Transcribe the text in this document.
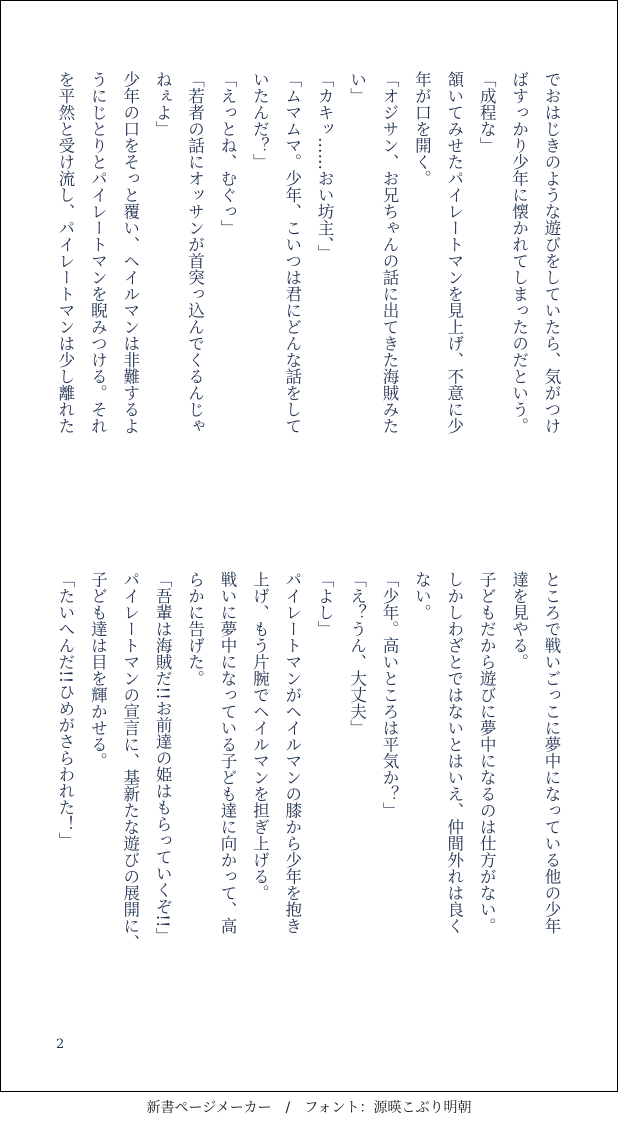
でおはじきのような遊びをしていたら、気がつけ
ばすっかり少年に懐かれてしまったのだという。
「成程な」
頷いてみせたパイレートマンを見上げ、不意に少
年が口を開く。
「オジサン、お兄ちゃんの話に出てきた海賊みた
い」
「カキッ……おい坊主、」
「ムマムマ。少年、こいつは君にどんな話をして
いたんだ？」
「えっとね、むぐっ」
「若者の話にオッサンが首突っ込んでくるんじゃ
ねぇよ」
少年の口をそっと覆い、ヘイルマンは非難するよ
うにじとりとパイレートマンを睨みつける。それ
を平然と受け流し、パイレートマンは少し離れた
ところで戦いごっこに夢中になっている他の少年
達を見やる。
子どもだから遊びに夢中になるのは仕方がない。
しかしわざとではないとはいえ、仲間外れは良く
ない。
「少年。高いところは平気か？」
「え？うん、大丈夫」
「よし」
パイレートマンがヘイルマンの膝から少年を抱き
上げ、もう片腕でヘイルマンを担ぎ上げる。
戦いに夢中になっている子ども達に向かって、高
らかに告げた。
「吾輩は海賊だ!!お前達の姫はもらっていくぞ!!」
パイレートマンの宣言に、基新たな遊びの展開に、
子ども達は目を輝かせる。
「たいへんだ!!ひめがさらわれた！」
2
新書ページメーカー　/　フォント：源暎こぶり明朝
